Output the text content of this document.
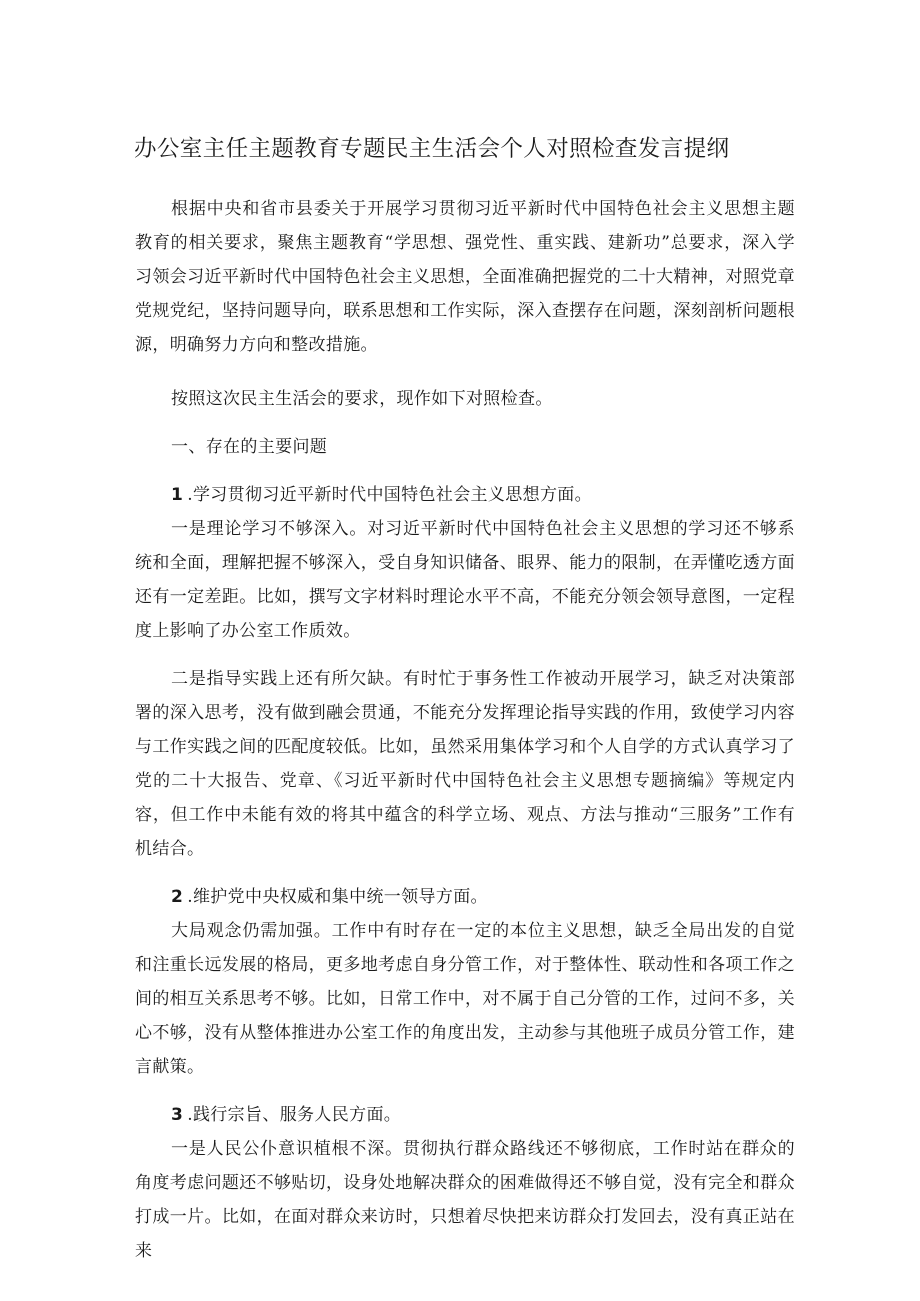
办公室主任主题教育专题民主生活会个人对照检查发言提纲

根据中央和省市县委关于开展学习贯彻习近平新时代中国特色社会主义思想主题教育的相关要求，聚焦主题教育“学思想、强党性、重实践、建新功”总要求，深入学习领会习近平新时代中国特色社会主义思想，全面准确把握党的二十大精神，对照党章党规党纪，坚持问题导向，联系思想和工作实际，深入查摆存在问题，深刻剖析问题根源，明确努力方向和整改措施。

按照这次民主生活会的要求，现作如下对照检查。

一、存在的主要问题

1 .学习贯彻习近平新时代中国特色社会主义思想方面。

一是理论学习不够深入。对习近平新时代中国特色社会主义思想的学习还不够系统和全面，理解把握不够深入，受自身知识储备、眼界、能力的限制，在弄懂吃透方面还有一定差距。比如，撰写文字材料时理论水平不高，不能充分领会领导意图，一定程度上影响了办公室工作质效。

二是指导实践上还有所欠缺。有时忙于事务性工作被动开展学习，缺乏对决策部署的深入思考，没有做到融会贯通，不能充分发挥理论指导实践的作用，致使学习内容与工作实践之间的匹配度较低。比如，虽然采用集体学习和个人自学的方式认真学习了党的二十大报告、党章、《习近平新时代中国特色社会主义思想专题摘编》等规定内容，但工作中未能有效的将其中蕴含的科学立场、观点、方法与推动“三服务”工作有机结合。

2 .维护党中央权威和集中统一领导方面。

大局观念仍需加强。工作中有时存在一定的本位主义思想，缺乏全局出发的自觉和注重长远发展的格局，更多地考虑自身分管工作，对于整体性、联动性和各项工作之间的相互关系思考不够。比如，日常工作中，对不属于自己分管的工作，过问不多，关心不够，没有从整体推进办公室工作的角度出发，主动参与其他班子成员分管工作，建言献策。

3 .践行宗旨、服务人民方面。

一是人民公仆意识植根不深。贯彻执行群众路线还不够彻底，工作时站在群众的角度考虑问题还不够贴切，设身处地解决群众的困难做得还不够自觉，没有完全和群众打成一片。比如，在面对群众来访时，只想着尽快把来访群众打发回去，没有真正站在来
